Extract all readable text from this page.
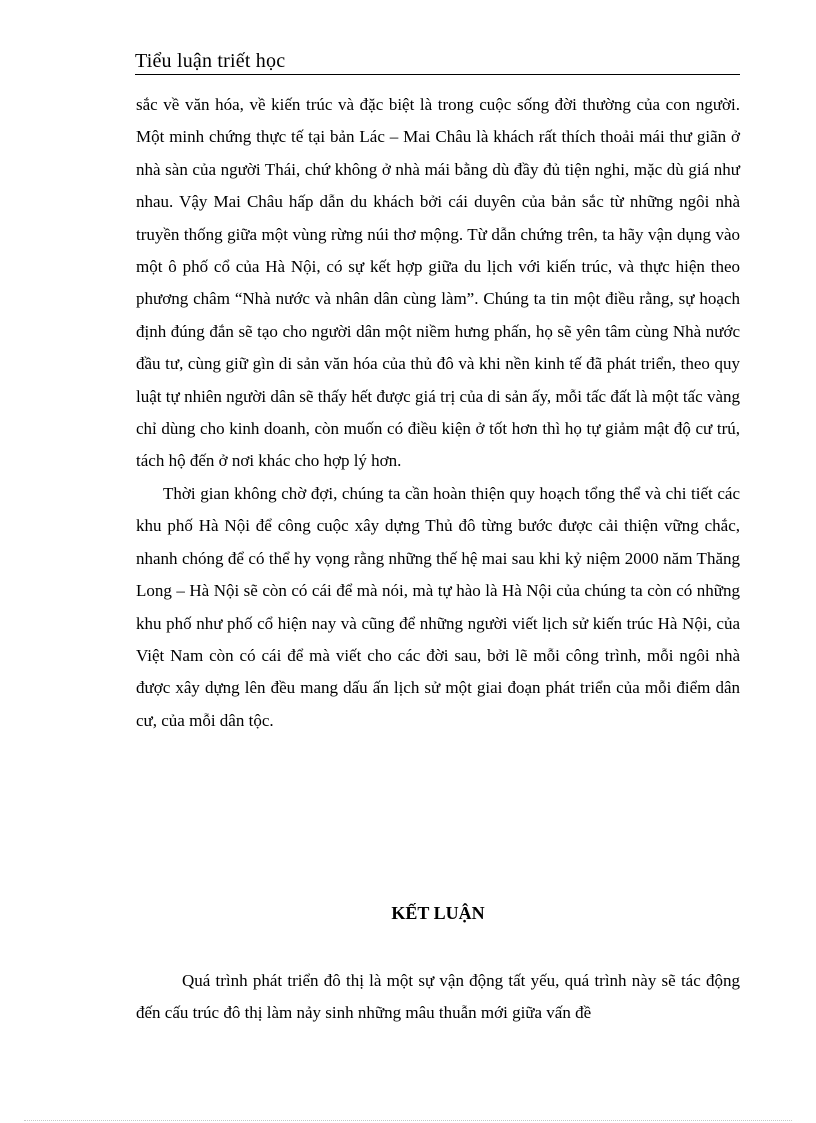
Tiểu luận triết học

sắc về văn hóa, về kiến trúc và đặc biệt là trong cuộc sống đời thường của con người. Một minh chứng thực tế tại bản Lác – Mai Châu là khách rất thích thoải mái thư giãn ở nhà sàn của người Thái, chứ không ở nhà mái bằng dù đầy đủ tiện nghi, mặc dù giá như nhau. Vậy Mai Châu hấp dẫn du khách bởi cái duyên của bản sắc từ những ngôi nhà truyền thống giữa một vùng rừng núi thơ mộng. Từ dẫn chứng trên, ta hãy vận dụng vào một ô phố cổ của Hà Nội, có sự kết hợp giữa du lịch với kiến trúc, và thực hiện theo phương châm “Nhà nước và nhân dân cùng làm”. Chúng ta tin một điều rằng, sự hoạch định đúng đắn sẽ tạo cho người dân một niềm hưng phấn, họ sẽ yên tâm cùng Nhà nước đầu tư, cùng giữ gìn di sản văn hóa của thủ đô và khi nền kinh tế đã phát triển, theo quy luật tự nhiên người dân sẽ thấy hết được giá trị của di sản ấy, mỗi tấc đất là một tấc vàng chỉ dùng cho kinh doanh, còn muốn có điều kiện ở tốt hơn thì họ tự giảm mật độ cư trú, tách hộ đến ở nơi khác cho hợp lý hơn.

Thời gian không chờ đợi, chúng ta cần hoàn thiện quy hoạch tổng thể và chi tiết các khu phố Hà Nội để công cuộc xây dựng Thủ đô từng bước được cải thiện vững chắc, nhanh chóng để có thể hy vọng rằng những thế hệ mai sau khi kỷ niệm 2000 năm Thăng Long – Hà Nội sẽ còn có cái để mà nói, mà tự hào là Hà Nội của chúng ta còn có những khu phố như phố cổ hiện nay và cũng để những người viết lịch sử kiến trúc Hà Nội, của Việt Nam còn có cái để mà viết cho các đời sau, bởi lẽ mỗi công trình, mỗi ngôi nhà được xây dựng lên đều mang dấu ấn lịch sử một giai đoạn phát triển của mỗi điểm dân cư, của mỗi dân tộc.

KẾT LUẬN

Quá trình phát triển đô thị là một sự vận động tất yếu, quá trình này sẽ tác động đến cấu trúc đô thị làm nảy sinh những mâu thuẫn mới giữa vấn đề
